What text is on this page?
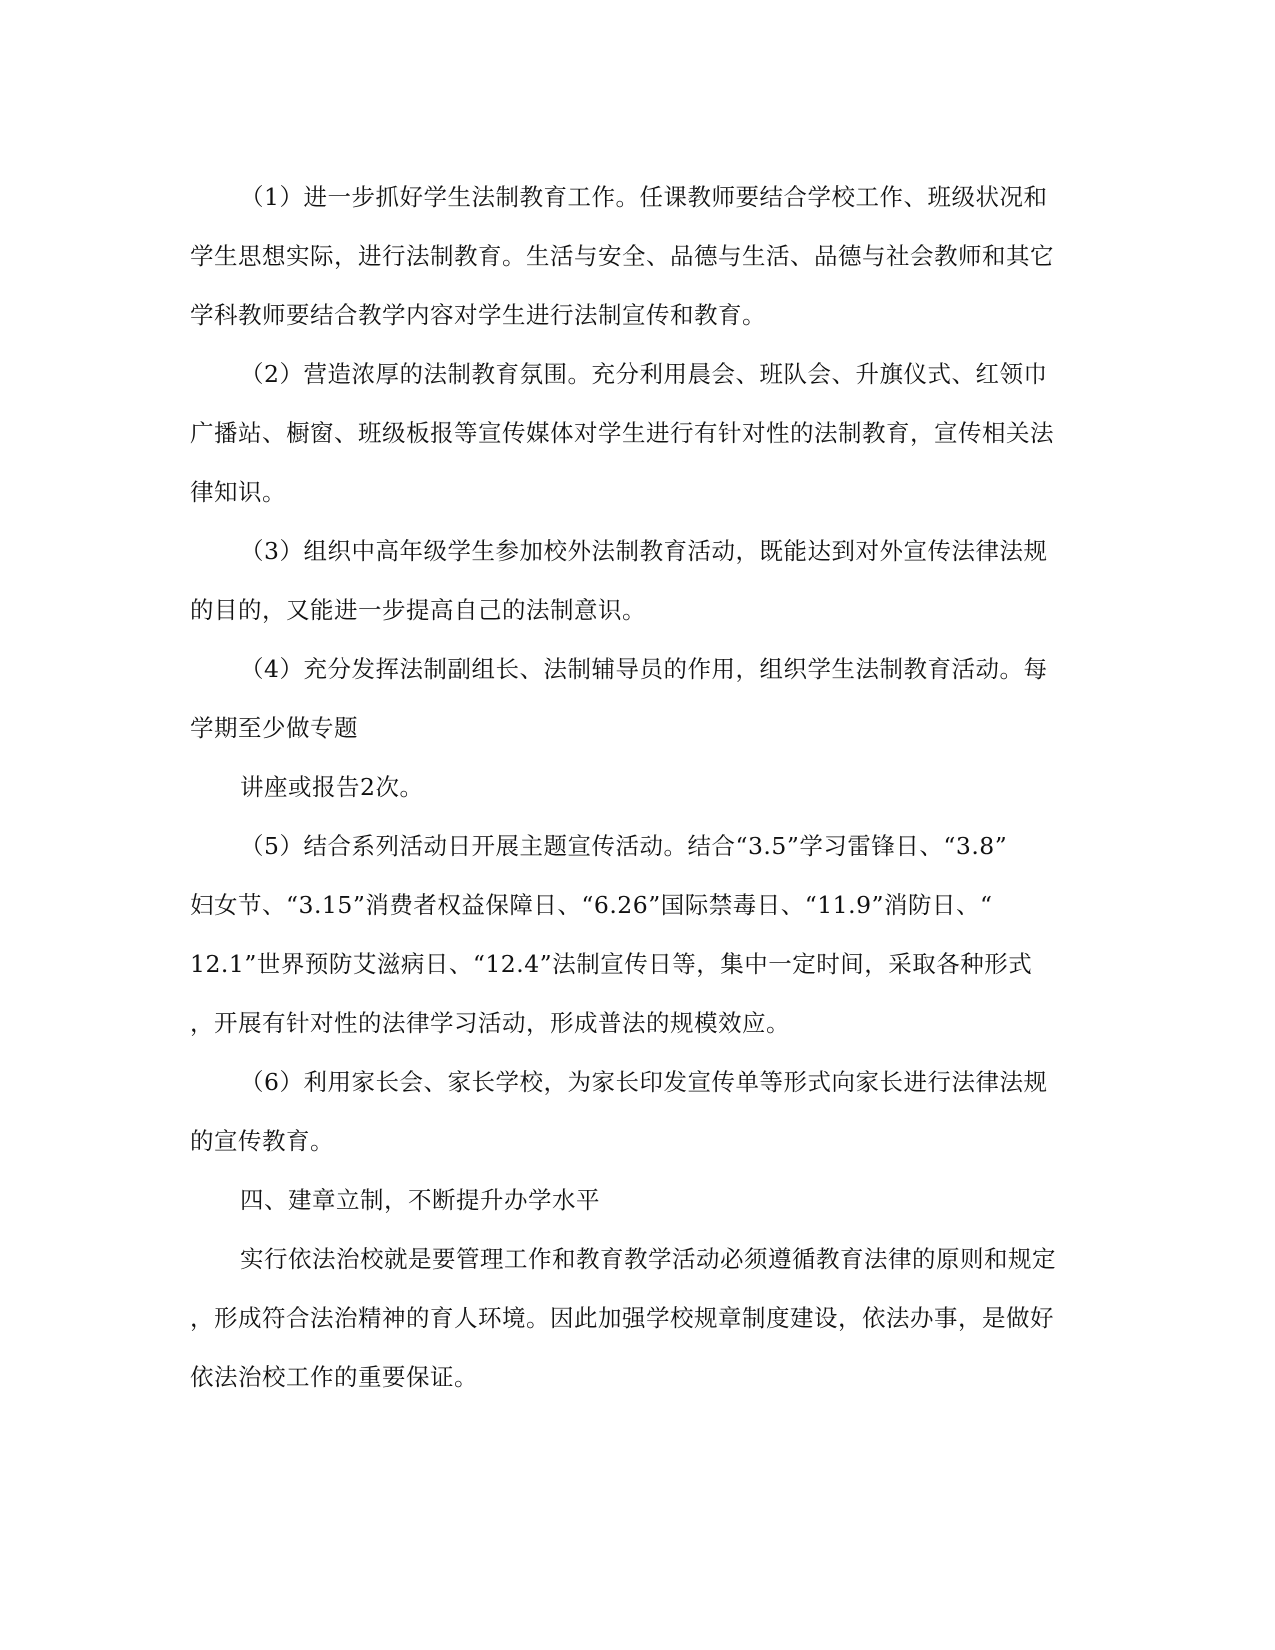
（1）进一步抓好学生法制教育工作。任课教师要结合学校工作、班级状况和
学生思想实际，进行法制教育。生活与安全、品德与生活、品德与社会教师和其它
学科教师要结合教学内容对学生进行法制宣传和教育。

（2）营造浓厚的法制教育氛围。充分利用晨会、班队会、升旗仪式、红领巾
广播站、橱窗、班级板报等宣传媒体对学生进行有针对性的法制教育，宣传相关法
律知识。

（3）组织中高年级学生参加校外法制教育活动，既能达到对外宣传法律法规
的目的，又能进一步提高自己的法制意识。

（4）充分发挥法制副组长、法制辅导员的作用，组织学生法制教育活动。每
学期至少做专题

讲座或报告2次。

（5）结合系列活动日开展主题宣传活动。结合“3.5”学习雷锋日、“3.8”
妇女节、“3.15”消费者权益保障日、“6.26”国际禁毒日、“11.9”消防日、“
12.1”世界预防艾滋病日、“12.4”法制宣传日等，集中一定时间，采取各种形式
，开展有针对性的法律学习活动，形成普法的规模效应。

（6）利用家长会、家长学校，为家长印发宣传单等形式向家长进行法律法规
的宣传教育。

四、建章立制，不断提升办学水平

实行依法治校就是要管理工作和教育教学活动必须遵循教育法律的原则和规定
，形成符合法治精神的育人环境。因此加强学校规章制度建设，依法办事，是做好
依法治校工作的重要保证。
